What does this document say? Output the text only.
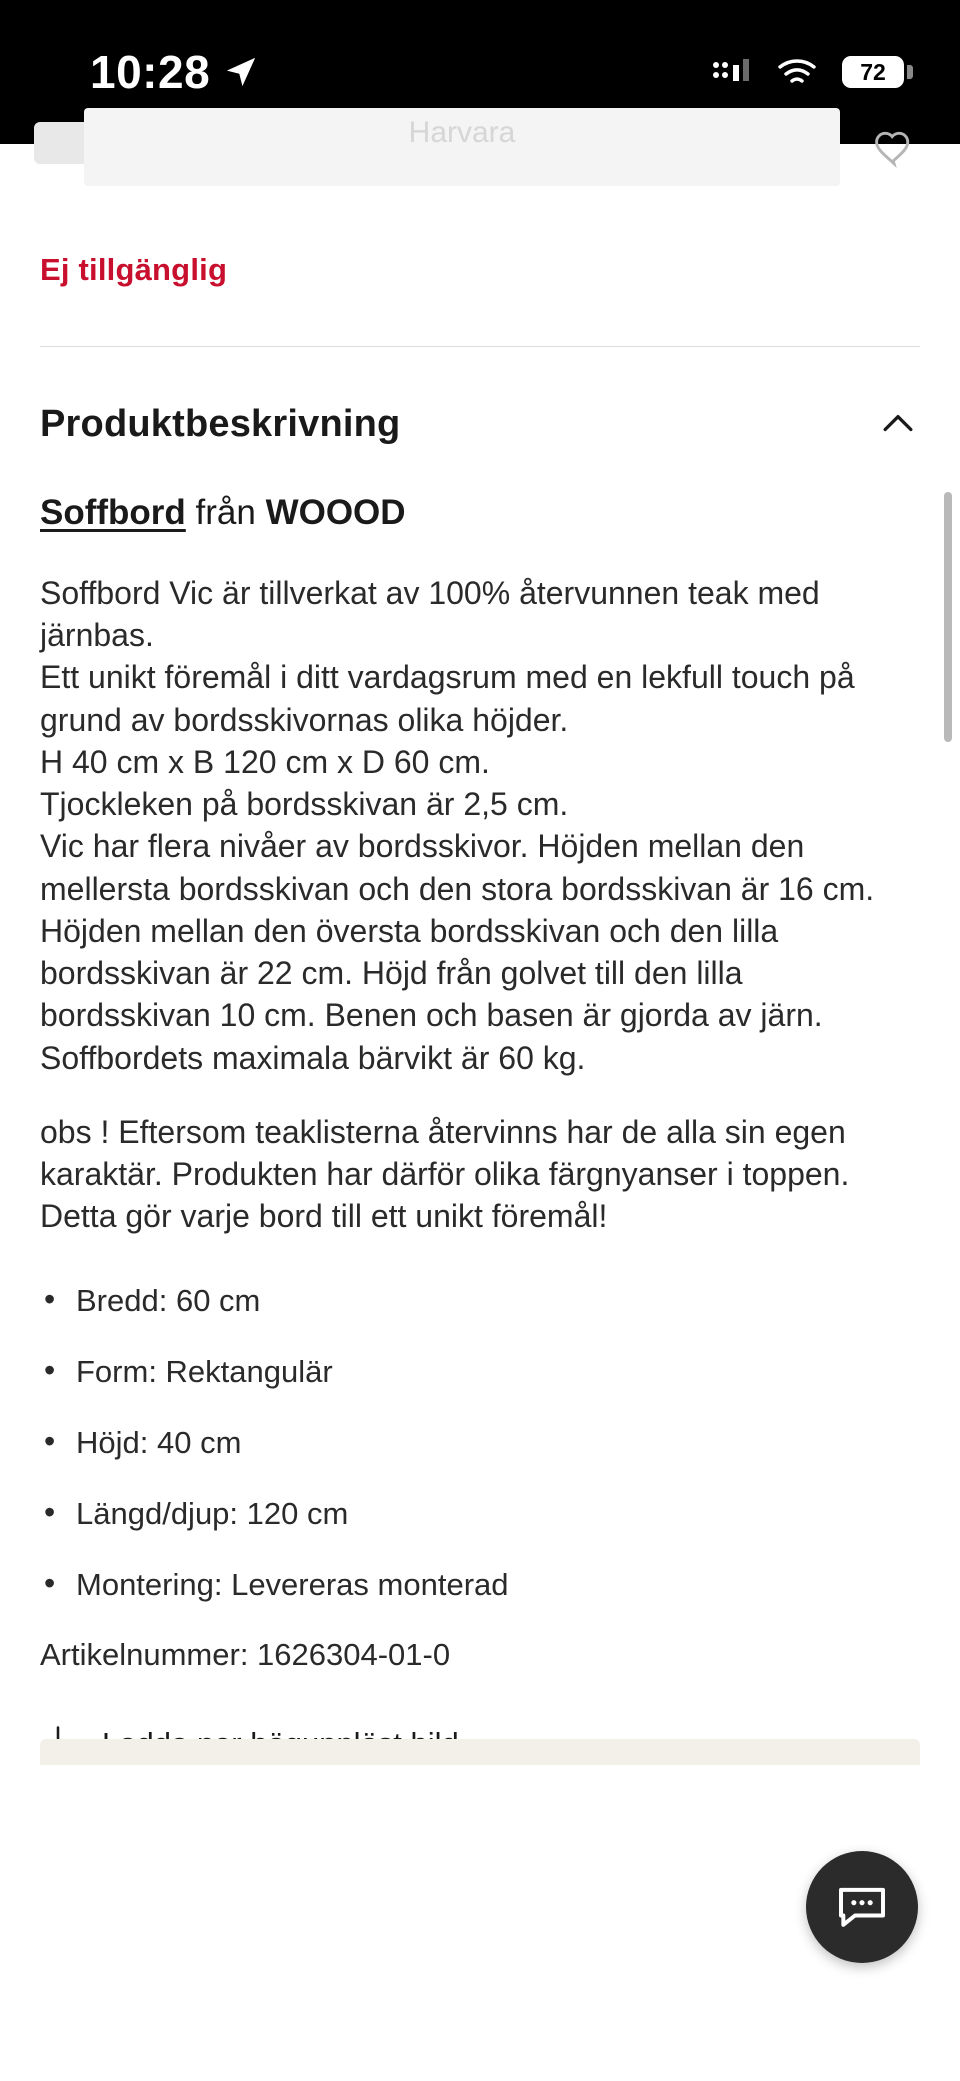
10:28	72
Harvara
Ej tillgänglig
Produktbeskrivning
Soffbord från WOOOD

Soffbord Vic är tillverkat av 100% återvunnen teak med järnbas.
Ett unikt föremål i ditt vardagsrum med en lekfull touch på grund av bordsskivornas olika höjder.
H 40 cm x B 120 cm x D 60 cm.
Tjockleken på bordsskivan är 2,5 cm.
Vic har flera nivåer av bordsskivor. Höjden mellan den mellersta bordsskivan och den stora bordsskivan är 16 cm.
Höjden mellan den översta bordsskivan och den lilla bordsskivan är 22 cm. Höjd från golvet till den lilla bordsskivan 10 cm. Benen och basen är gjorda av järn. Soffbordets maximala bärvikt är 60 kg.

obs ! Eftersom teaklisterna återvinns har de alla sin egen karaktär. Produkten har därför olika färgnyanser i toppen. Detta gör varje bord till ett unikt föremål!

• Bredd: 60 cm
• Form: Rektangulär
• Höjd: 40 cm
• Längd/djup: 120 cm
• Montering: Levereras monterad
Artikelnummer: 1626304-01-0
